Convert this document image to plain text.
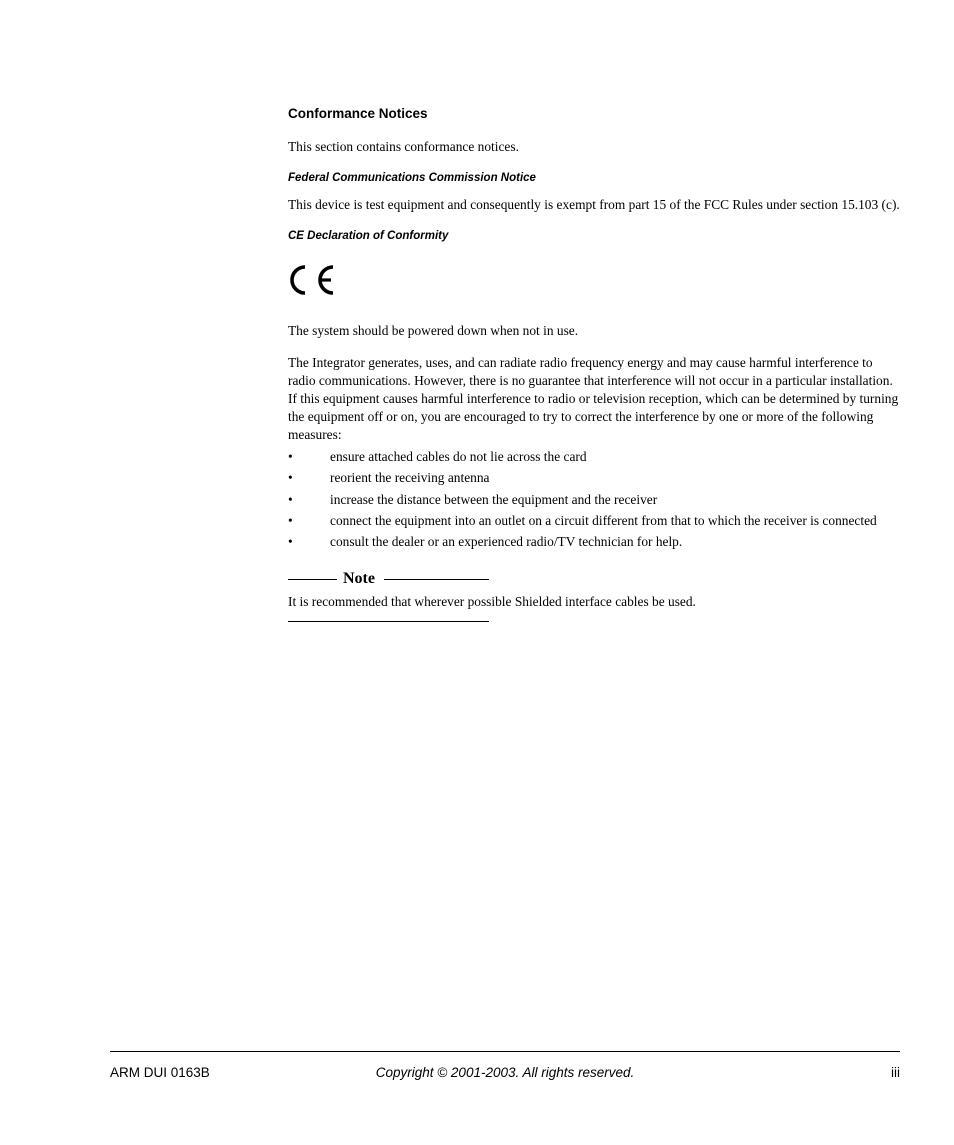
Conformance Notices

This section contains conformance notices.

Federal Communications Commission Notice

This device is test equipment and consequently is exempt from part 15 of the FCC Rules under section 15.103 (c).

CE Declaration of Conformity

The system should be powered down when not in use.

The Integrator generates, uses, and can radiate radio frequency energy and may cause harmful interference to radio communications. However, there is no guarantee that interference will not occur in a particular installation. If this equipment causes harmful interference to radio or television reception, which can be determined by turning the equipment off or on, you are encouraged to try to correct the interference by one or more of the following measures:

•	ensure attached cables do not lie across the card
•	reorient the receiving antenna
•	increase the distance between the equipment and the receiver
•	connect the equipment into an outlet on a circuit different from that to which the receiver is connected
•	consult the dealer or an experienced radio/TV technician for help.
Note

It is recommended that wherever possible Shielded interface cables be used.

ARM DUI 0163B	Copyright © 2001-2003. All rights reserved.	iii
